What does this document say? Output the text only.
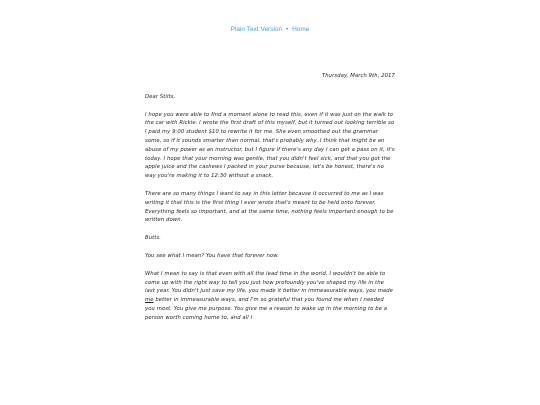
Plain Text Version • Home
Thursday, March 9th, 2017

Dear Stilts,

I hope you were able to find a moment alone to read this, even if it was just on the walk to the car with Rickie. I wrote the first draft of this myself, but it turned out looking terrible so I paid my 9:00 student $10 to rewrite it for me. She even smoothed out the grammar some, so if it sounds smarter than normal, that's probably why. I think that might be an abuse of my power as an instructor, but I figure if there's any day I can get a pass on it, it's today. I hope that your morning was gentle, that you didn't feel sick, and that you got the apple juice and the cashews I packed in your purse because, let's be honest, there's no way you're making it to 12:30 without a snack.

There are so many things I want to say in this letter because it occurred to me as I was writing it that this is the first thing I ever wrote that's meant to be held onto forever. Everything feels so important, and at the same time, nothing feels important enough to be written down.

Butts.

You see what I mean? You have that forever now.

What I mean to say is that even with all the lead time in the world, I wouldn't be able to come up with the right way to tell you just how profoundly you've shaped my life in the last year. You didn't just save my life, you made it better in immeasurable ways, you made me better in immeasurable ways, and I'm so grateful that you found me when I needed you most. You give me purpose. You give me a reason to wake up in the morning to be a person worth coming home to, and all I
